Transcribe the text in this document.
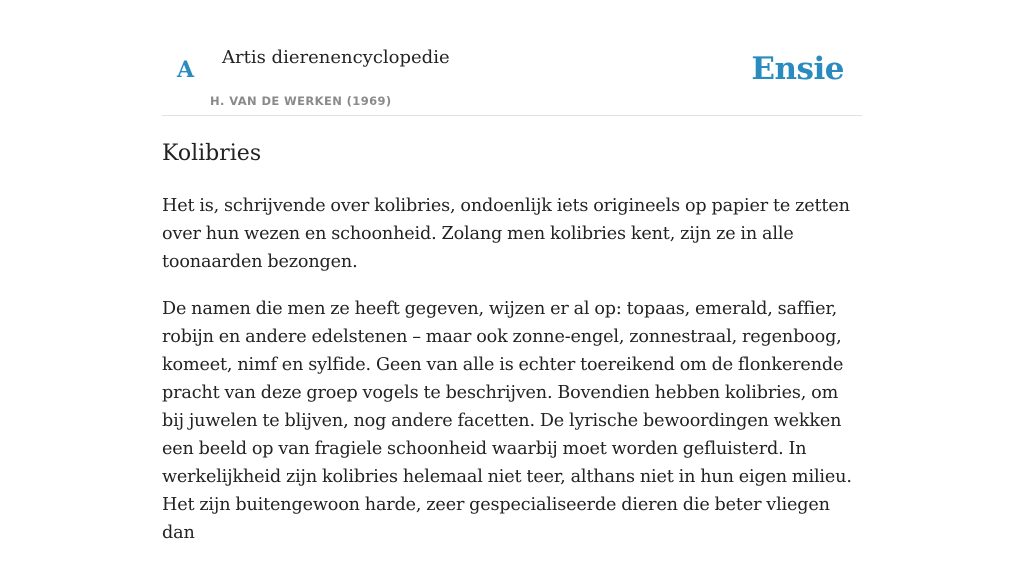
A Artis dierenencyclopedie
H. VAN DE WERKEN (1969)
Ensie
Kolibries

Het is, schrijvende over kolibries, ondoenlijk iets origineels op papier te zetten over hun wezen en schoonheid. Zolang men kolibries kent, zijn ze in alle toonaarden bezongen.

De namen die men ze heeft gegeven, wijzen er al op: topaas, emerald, saffier, robijn en andere edelstenen – maar ook zonne-engel, zonnestraal, regenboog, komeet, nimf en sylfide. Geen van alle is echter toereikend om de flonkerende pracht van deze groep vogels te beschrijven. Bovendien hebben kolibries, om bij juwelen te blijven, nog andere facetten. De lyrische bewoordingen wekken een beeld op van fragiele schoonheid waarbij moet worden gefluisterd. In werkelijkheid zijn kolibries helemaal niet teer, althans niet in hun eigen milieu. Het zijn buitengewoon harde, zeer gespecialiseerde dieren die beter vliegen dan
